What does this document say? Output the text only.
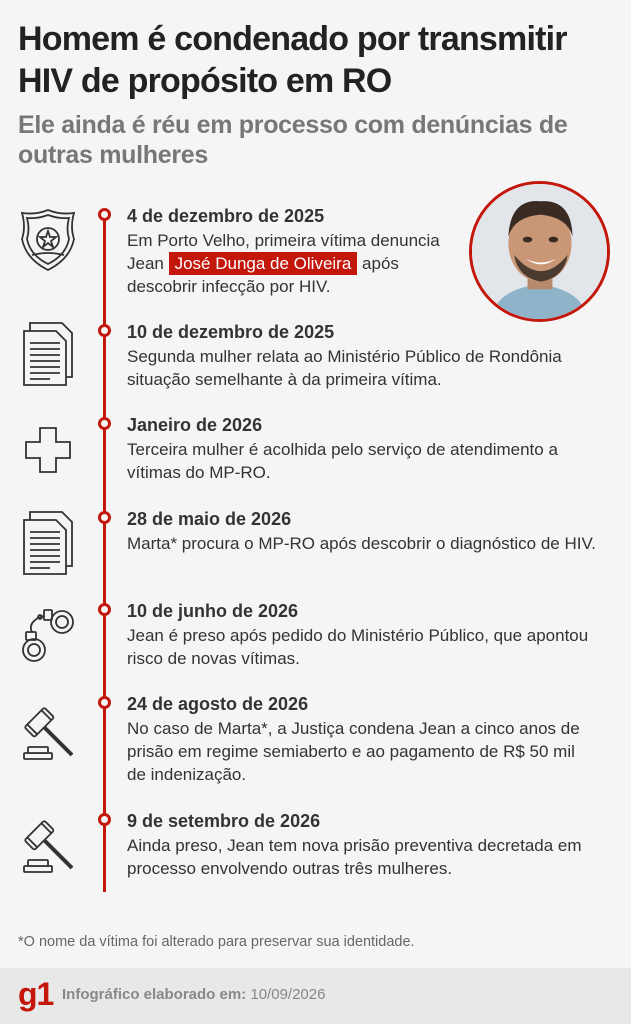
Homem é condenado por transmitir HIV de propósito em RO
Ele ainda é réu em processo com denúncias de outras mulheres
4 de dezembro de 2025
Em Porto Velho, primeira vítima denuncia Jean José Dunga de Oliveira após descobrir infecção por HIV.
10 de dezembro de 2025
Segunda mulher relata ao Ministério Público de Rondônia situação semelhante à da primeira vítima.
Janeiro de 2026
Terceira mulher é acolhida pelo serviço de atendimento a vítimas do MP-RO.
28 de maio de 2026
Marta* procura o MP-RO após descobrir o diagnóstico de HIV.
10 de junho de 2026
Jean é preso após pedido do Ministério Público, que apontou risco de novas vítimas.
24 de agosto de 2026
No caso de Marta*, a Justiça condena Jean a cinco anos de prisão em regime semiaberto e ao pagamento de R$ 50 mil de indenização.
9 de setembro de 2026
Ainda preso, Jean tem nova prisão preventiva decretada em processo envolvendo outras três mulheres.
*O nome da vítima foi alterado para preservar sua identidade.
g1 Infográfico elaborado em: 10/09/2026
